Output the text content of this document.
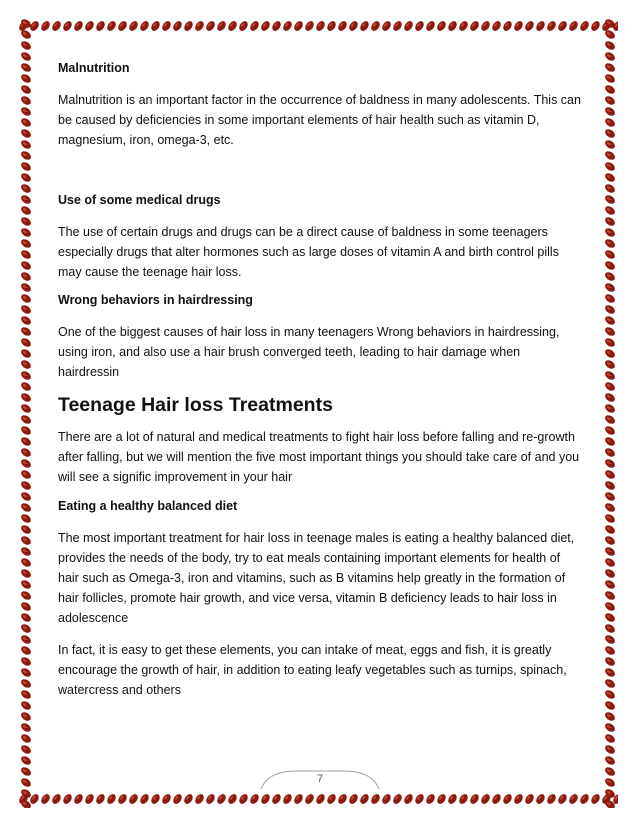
Malnutrition

Malnutrition is an important factor in the occurrence of baldness in many adolescents. This can be caused by deficiencies in some important elements of hair health such as vitamin D, magnesium, iron, omega-3, etc.

Use of some medical drugs

The use of certain drugs and drugs can be a direct cause of baldness in some teenagers especially drugs that alter hormones such as large doses of vitamin A and birth control pills may cause the teenage hair loss.

Wrong behaviors in hairdressing

One of the biggest causes of hair loss in many teenagers Wrong behaviors in hairdressing, using iron, and also use a hair brush converged teeth, leading to hair damage when hairdressin

Teenage Hair loss Treatments

There are a lot of natural and medical treatments to fight hair loss before falling and re-growth after falling, but we will mention the five most important things you should take care of and you will see a signific improvement in your hair

Eating a healthy balanced diet

The most important treatment for hair loss in teenage males is eating a healthy balanced diet, provides the needs of the body, try to eat meals containing important elements for health of hair such as Omega-3, iron and vitamins, such as B vitamins help greatly in the formation of hair follicles, promote hair growth, and vice versa, vitamin B deficiency leads to hair loss in adolescence

In fact, it is easy to get these elements, you can intake of meat, eggs and fish, it is greatly encourage the growth of hair, in addition to eating leafy vegetables such as turnips, spinach, watercress and others

7
